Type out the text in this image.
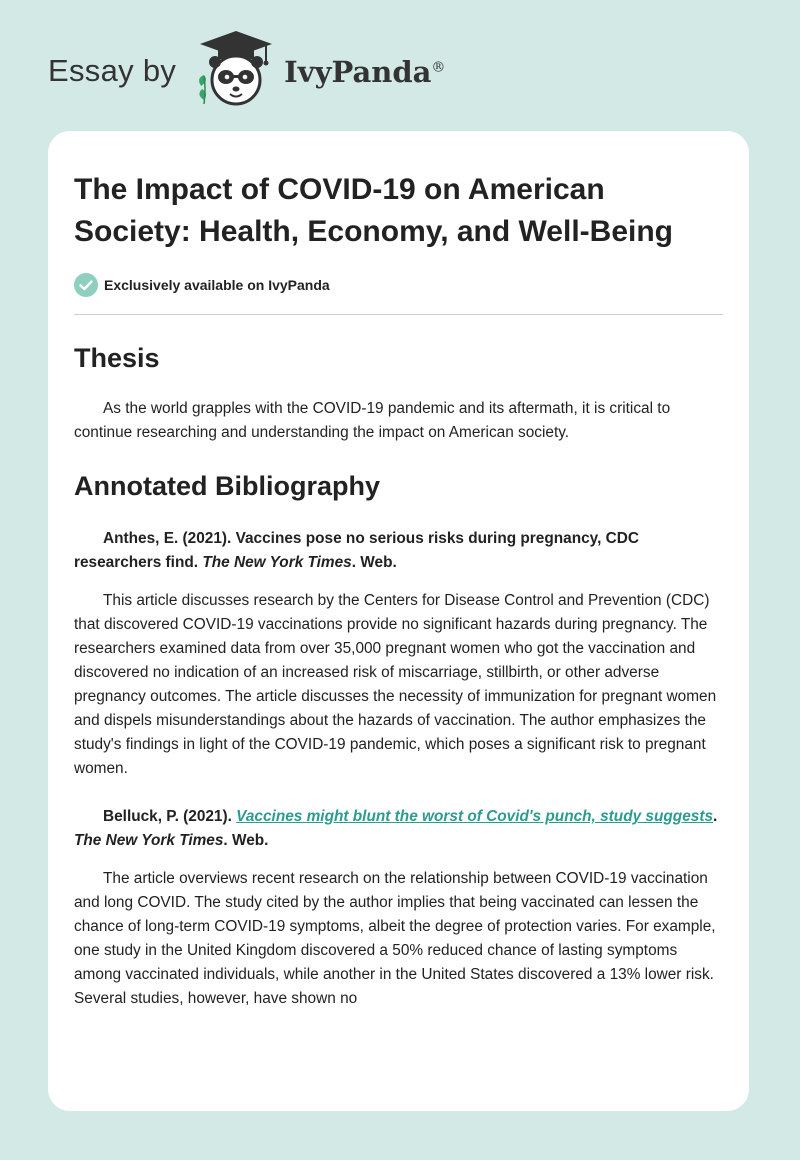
Essay by	IvyPanda®
The Impact of COVID-19 on American Society: Health, Economy, and Well-Being
Exclusively available on IvyPanda
Thesis

As the world grapples with the COVID-19 pandemic and its aftermath, it is critical to continue researching and understanding the impact on American society.

Annotated Bibliography

Anthes, E. (2021). Vaccines pose no serious risks during pregnancy, CDC researchers find. The New York Times. Web.

This article discusses research by the Centers for Disease Control and Prevention (CDC) that discovered COVID-19 vaccinations provide no significant hazards during pregnancy. The researchers examined data from over 35,000 pregnant women who got the vaccination and discovered no indication of an increased risk of miscarriage, stillbirth, or other adverse pregnancy outcomes. The article discusses the necessity of immunization for pregnant women and dispels misunderstandings about the hazards of vaccination. The author emphasizes the study's findings in light of the COVID-19 pandemic, which poses a significant risk to pregnant women.

Belluck, P. (2021). Vaccines might blunt the worst of Covid's punch, study suggests. The New York Times. Web.

The article overviews recent research on the relationship between COVID-19 vaccination and long COVID. The study cited by the author implies that being vaccinated can lessen the chance of long-term COVID-19 symptoms, albeit the degree of protection varies. For example, one study in the United Kingdom discovered a 50% reduced chance of lasting symptoms among vaccinated individuals, while another in the United States discovered a 13% lower risk. Several studies, however, have shown no
